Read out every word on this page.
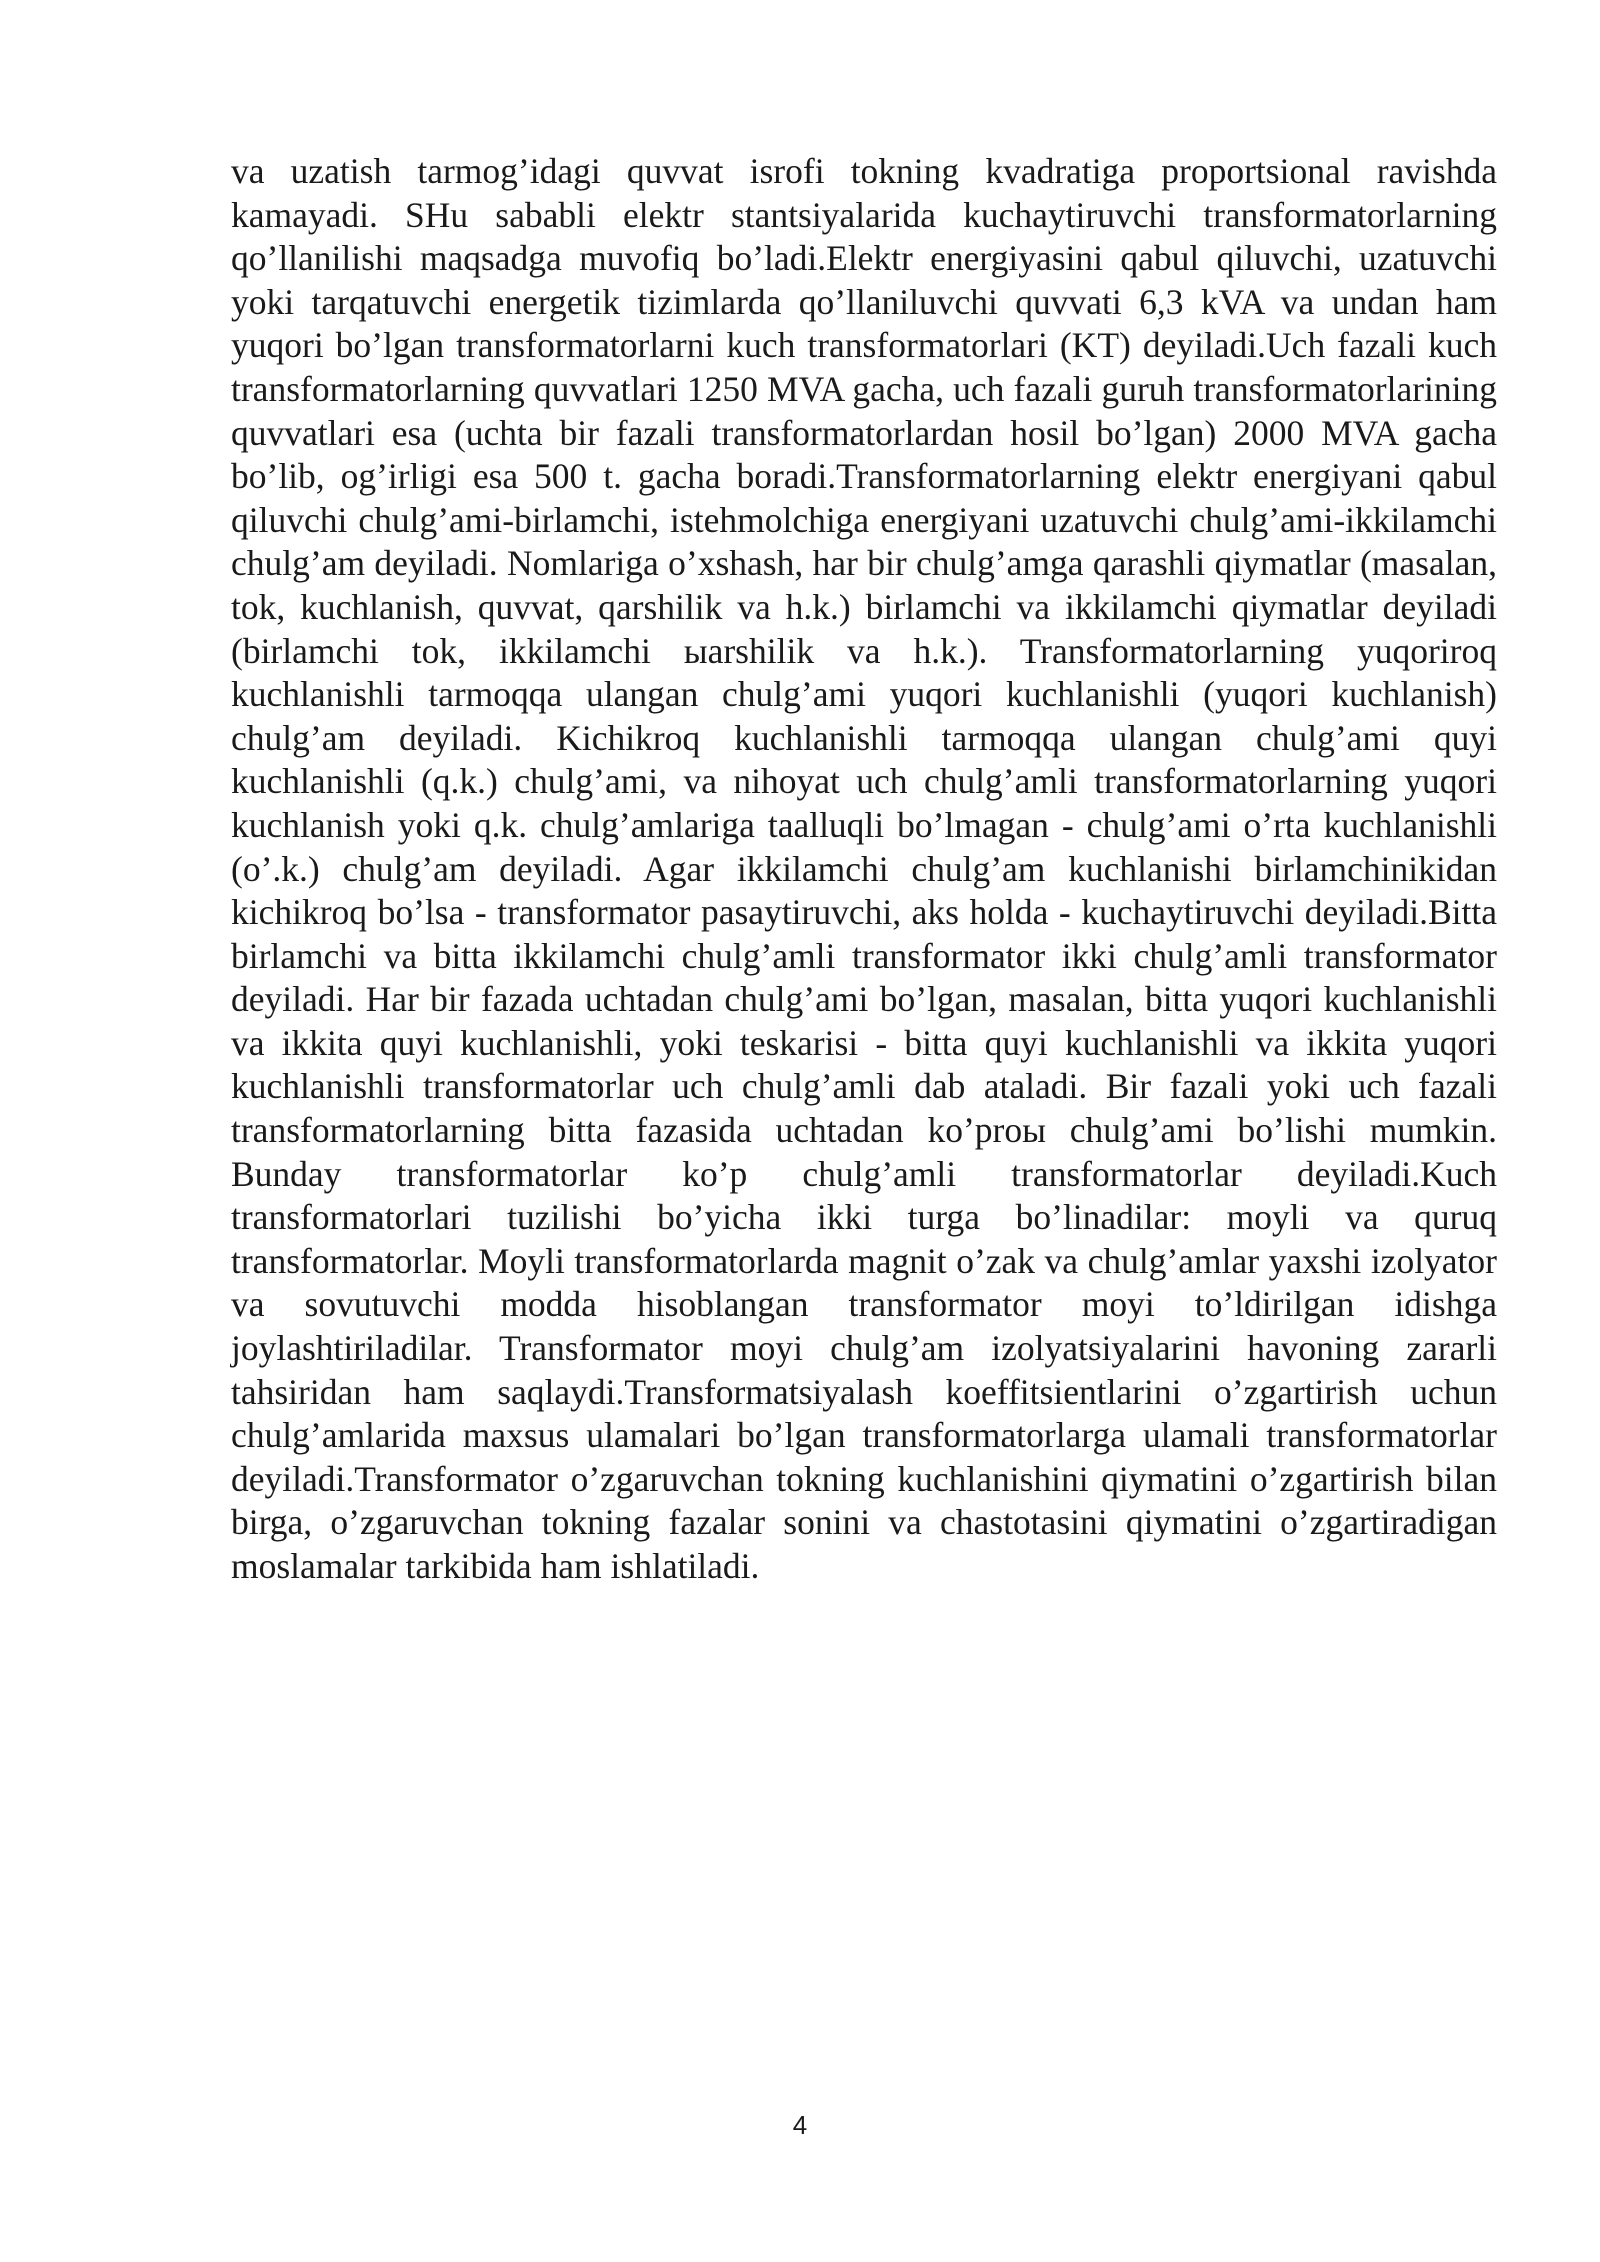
va uzatish tarmog’idagi quvvat isrofi tokning kvadratiga proportsional ravishda kamayadi. SHu sababli elektr stantsiyalarida kuchaytiruvchi transformatorlarning qo’llanilishi maqsadga muvofiq bo’ladi.Elektr energiyasini qabul qiluvchi, uzatuvchi yoki tarqatuvchi energetik tizimlarda qo’llaniluvchi quvvati 6,3 kVA va undan ham yuqori bo’lgan transformatorlarni kuch transformatorlari (KT) deyiladi.Uch fazali kuch transformatorlarning quvvatlari 1250 MVA gacha, uch fazali guruh transformatorlarining quvvatlari esa (uchta bir fazali transformatorlardan hosil bo’lgan) 2000 MVA gacha bo’lib, og’irligi esa 500 t. gacha boradi.Transformatorlarning elektr energiyani qabul qiluvchi chulg’ami-birlamchi, istehmolchiga energiyani uzatuvchi chulg’ami-ikkilamchi chulg’am deyiladi. Nomlariga o’xshash, har bir chulg’amga qarashli qiymatlar (masalan, tok, kuchlanish, quvvat, qarshilik va h.k.) birlamchi va ikkilamchi qiymatlar deyiladi (birlamchi tok, ikkilamchi ыarshilik va h.k.). Transformatorlarning yuqoriroq kuchlanishli tarmoqqa ulangan chulg’ami yuqori kuchlanishli (yuqori kuchlanish) chulg’am deyiladi. Kichikroq kuchlanishli tarmoqqa ulangan chulg’ami quyi kuchlanishli (q.k.) chulg’ami, va nihoyat uch chulg’amli transformatorlarning yuqori kuchlanish yoki q.k. chulg’amlariga taalluqli bo’lmagan - chulg’ami o’rta kuchlanishli (o’.k.) chulg’am deyiladi. Agar ikkilamchi chulg’am kuchlanishi birlamchinikidan kichikroq bo’lsa - transformator pasaytiruvchi, aks holda - kuchaytiruvchi deyiladi.Bitta birlamchi va bitta ikkilamchi chulg’amli transformator ikki chulg’amli transformator deyiladi. Har bir fazada uchtadan chulg’ami bo’lgan, masalan, bitta yuqori kuchlanishli va ikkita quyi kuchlanishli, yoki teskarisi - bitta quyi kuchlanishli va ikkita yuqori kuchlanishli transformatorlar uch chulg’amli dab ataladi. Bir fazali yoki uch fazali transformatorlarning bitta fazasida uchtadan ko’proы chulg’ami bo’lishi mumkin. Bunday transformatorlar ko’p chulg’amli transformatorlar deyiladi.Kuch transformatorlari tuzilishi bo’yicha ikki turga bo’linadilar: moyli va quruq transformatorlar. Moyli transformatorlarda magnit o’zak va chulg’amlar yaxshi izolyator va sovutuvchi modda hisoblangan transformator moyi to’ldirilgan idishga joylashtiriladilar. Transformator moyi chulg’am izolyatsiyalarini havoning zararli tahsiridan ham saqlaydi.Transformatsiyalash koeffitsientlarini o’zgartirish uchun chulg’amlarida maxsus ulamalari bo’lgan transformatorlarga ulamali transformatorlar deyiladi.Transformator o’zgaruvchan tokning kuchlanishini qiymatini o’zgartirish bilan birga, o’zgaruvchan tokning fazalar sonini va chastotasini qiymatini o’zgartiradigan moslamalar tarkibida ham ishlatiladi.

4
